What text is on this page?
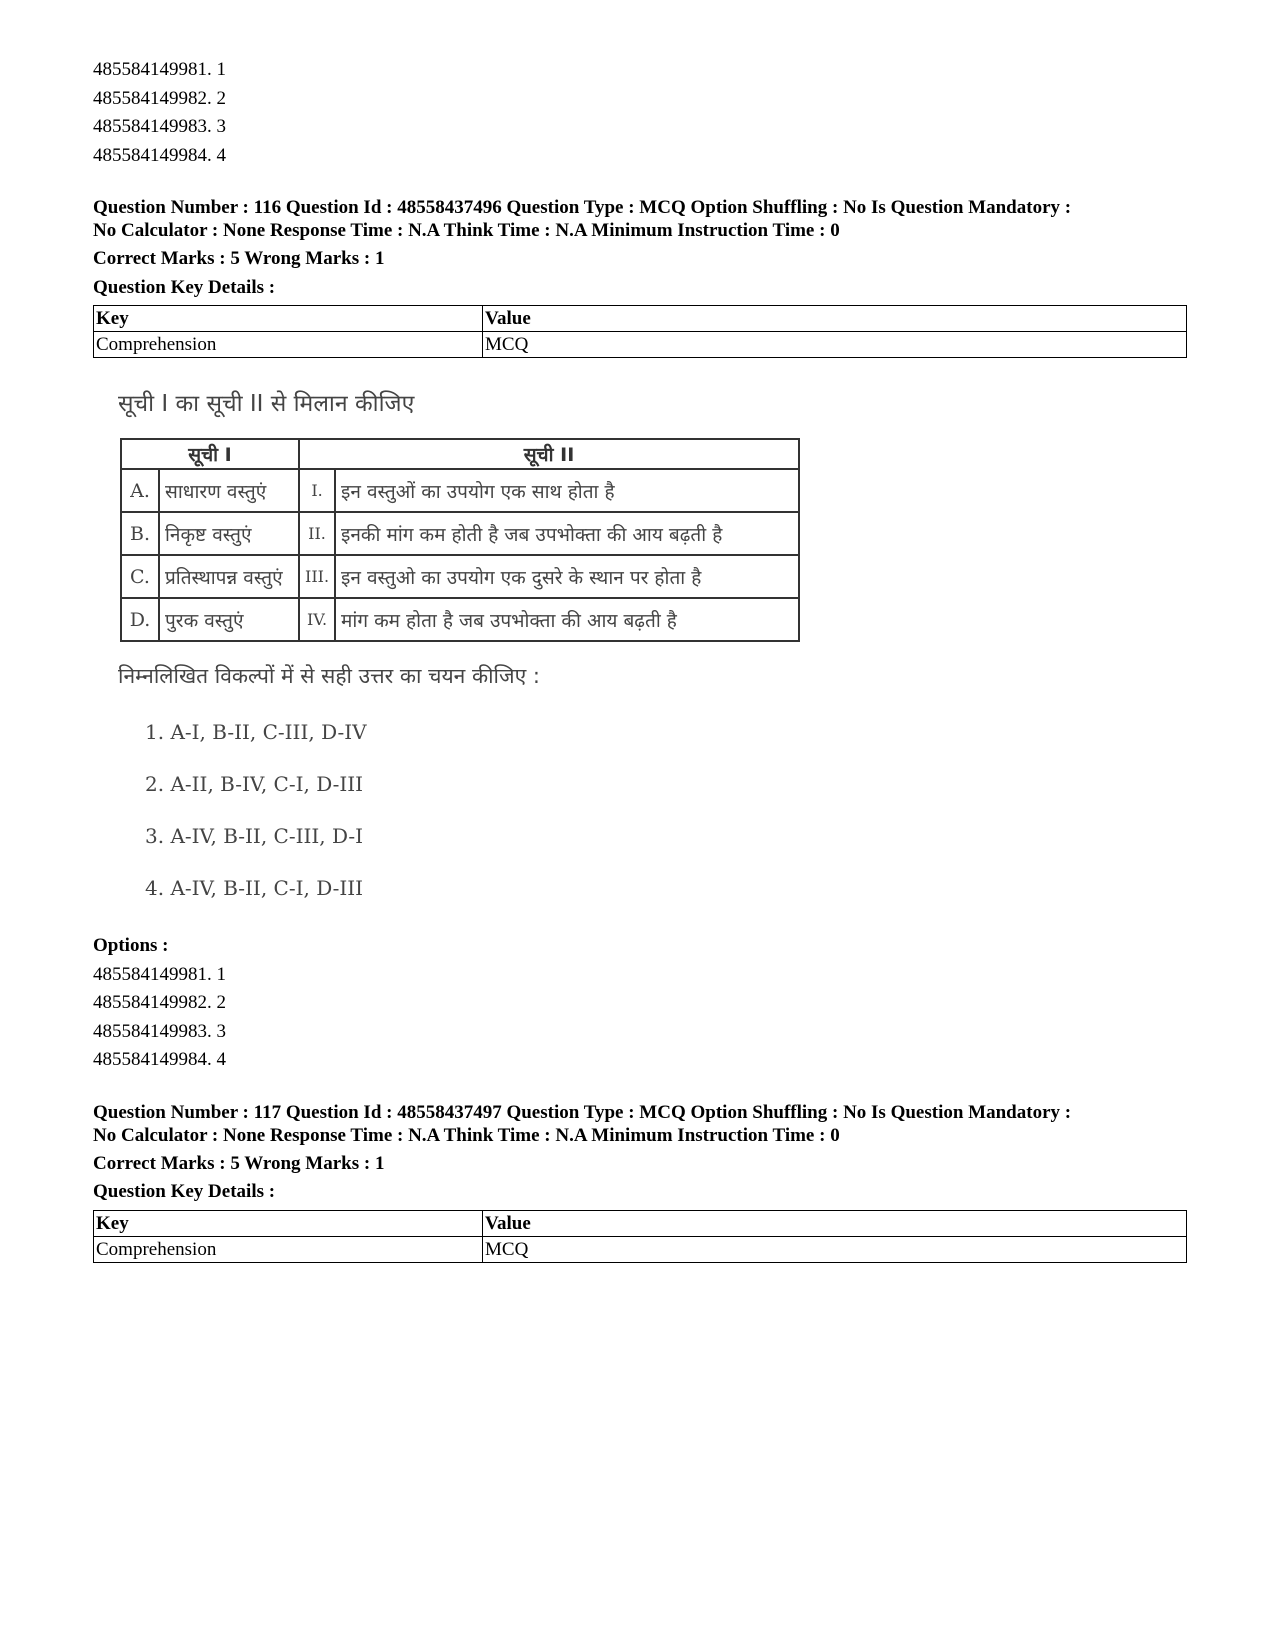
485584149981. 1
485584149982. 2
485584149983. 3
485584149984. 4
Question Number : 116 Question Id : 48558437496 Question Type : MCQ Option Shuffling : No Is Question Mandatory :
No Calculator : None Response Time : N.A Think Time : N.A Minimum Instruction Time : 0
Correct Marks : 5 Wrong Marks : 1
Question Key Details :
Key	Value
Comprehension	MCQ
सूची I का सूची II से मिलान कीजिए
सूची I		सूची II	
A.	साधारण वस्तुएं	I.	इन वस्तुओं का उपयोग एक साथ होता है
B.	निकृष्ट वस्तुएं	II.	इनकी मांग कम होती है जब उपभोक्ता की आय बढ़ती है
C.	प्रतिस्थापन्न वस्तुएं	III.	इन वस्तुओ का उपयोग एक दुसरे के स्थान पर होता है
D.	पुरक वस्तुएं	IV.	मांग कम होता है जब उपभोक्ता की आय बढ़ती है
निम्नलिखित विकल्पों में से सही उत्तर का चयन कीजिए :
1. A-I, B-II, C-III, D-IV
2. A-II, B-IV, C-I, D-III
3. A-IV, B-II, C-III, D-I
4. A-IV, B-II, C-I, D-III
Options :
485584149981. 1
485584149982. 2
485584149983. 3
485584149984. 4
Question Number : 117 Question Id : 48558437497 Question Type : MCQ Option Shuffling : No Is Question Mandatory :
No Calculator : None Response Time : N.A Think Time : N.A Minimum Instruction Time : 0
Correct Marks : 5 Wrong Marks : 1
Question Key Details :
Key	Value
Comprehension	MCQ
